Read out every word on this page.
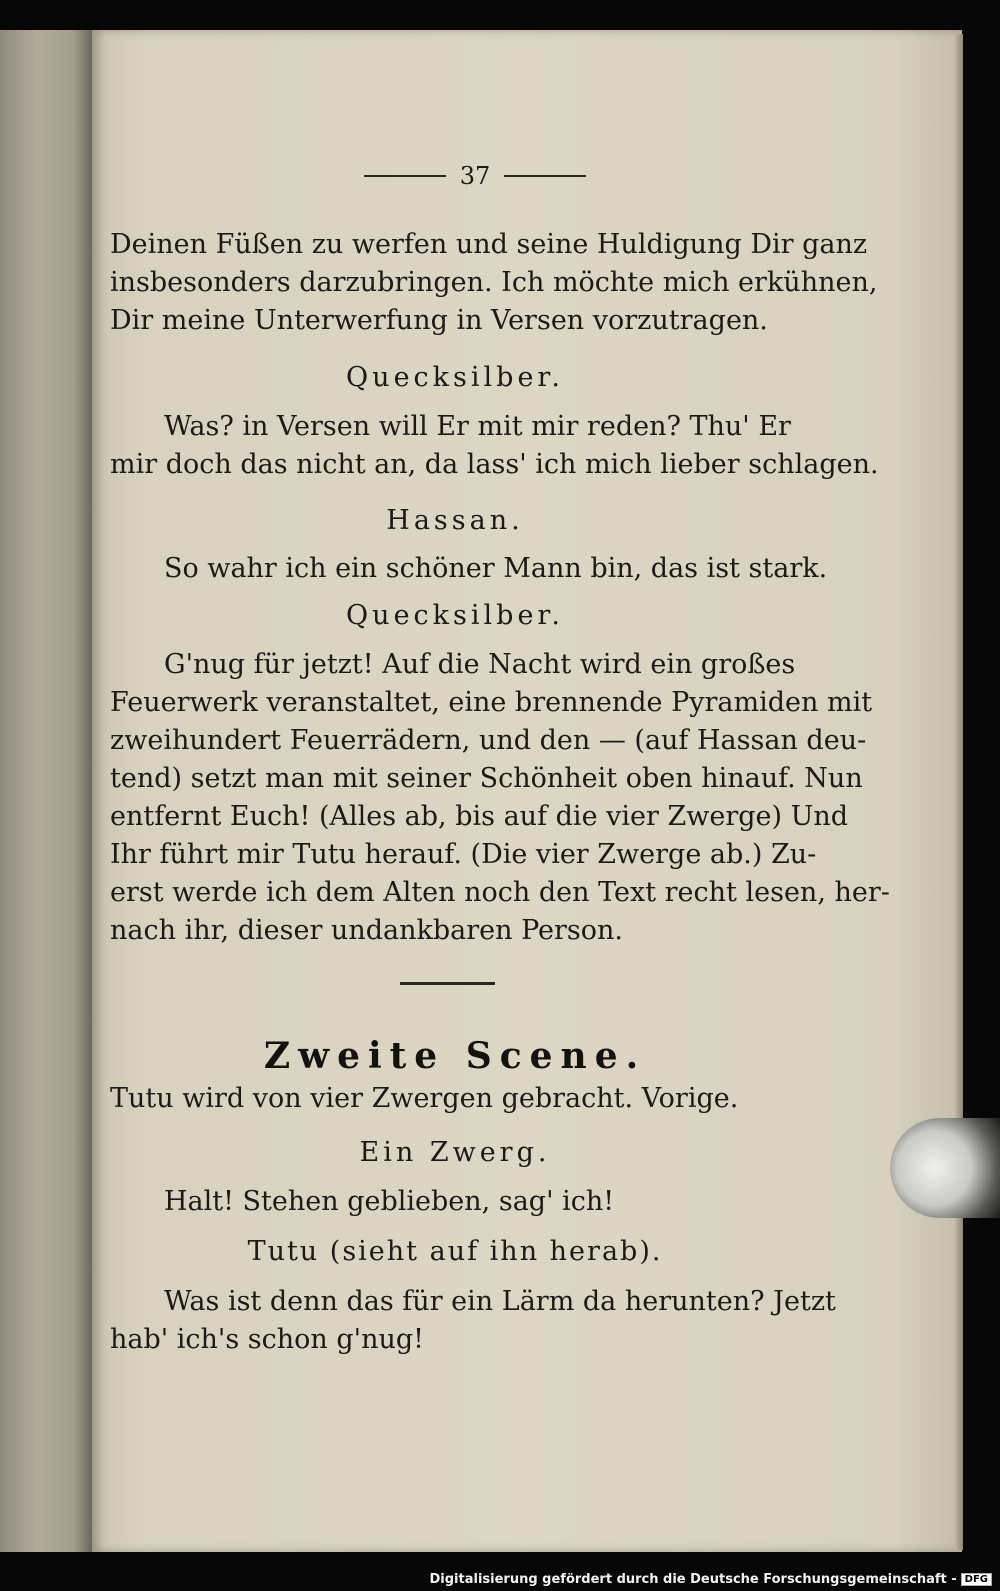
37
Deinen Füßen zu werfen und seine Huldigung Dir ganz
insbesonders darzubringen. Ich möchte mich erkühnen,
Dir meine Unterwerfung in Versen vorzutragen.
Quecksilber.
Was? in Versen will Er mit mir reden? Thu' Er
mir doch das nicht an, da lass' ich mich lieber schlagen.
Hassan.
So wahr ich ein schöner Mann bin, das ist stark.
Quecksilber.
G'nug für jetzt! Auf die Nacht wird ein großes
Feuerwerk veranstaltet, eine brennende Pyramiden mit
zweihundert Feuerrädern, und den — (auf Hassan deu-
tend) setzt man mit seiner Schönheit oben hinauf. Nun
entfernt Euch! (Alles ab, bis auf die vier Zwerge) Und
Ihr führt mir Tutu herauf. (Die vier Zwerge ab.) Zu-
erst werde ich dem Alten noch den Text recht lesen, her-
nach ihr, dieser undankbaren Person.
Zweite Scene.
Tutu wird von vier Zwergen gebracht. Vorige.
Ein Zwerg.
Halt! Stehen geblieben, sag' ich!
Tutu (sieht auf ihn herab).
Was ist denn das für ein Lärm da herunten? Jetzt
hab' ich's schon g'nug!
Digitalisierung gefördert durch die Deutsche Forschungsgemeinschaft - DFG
